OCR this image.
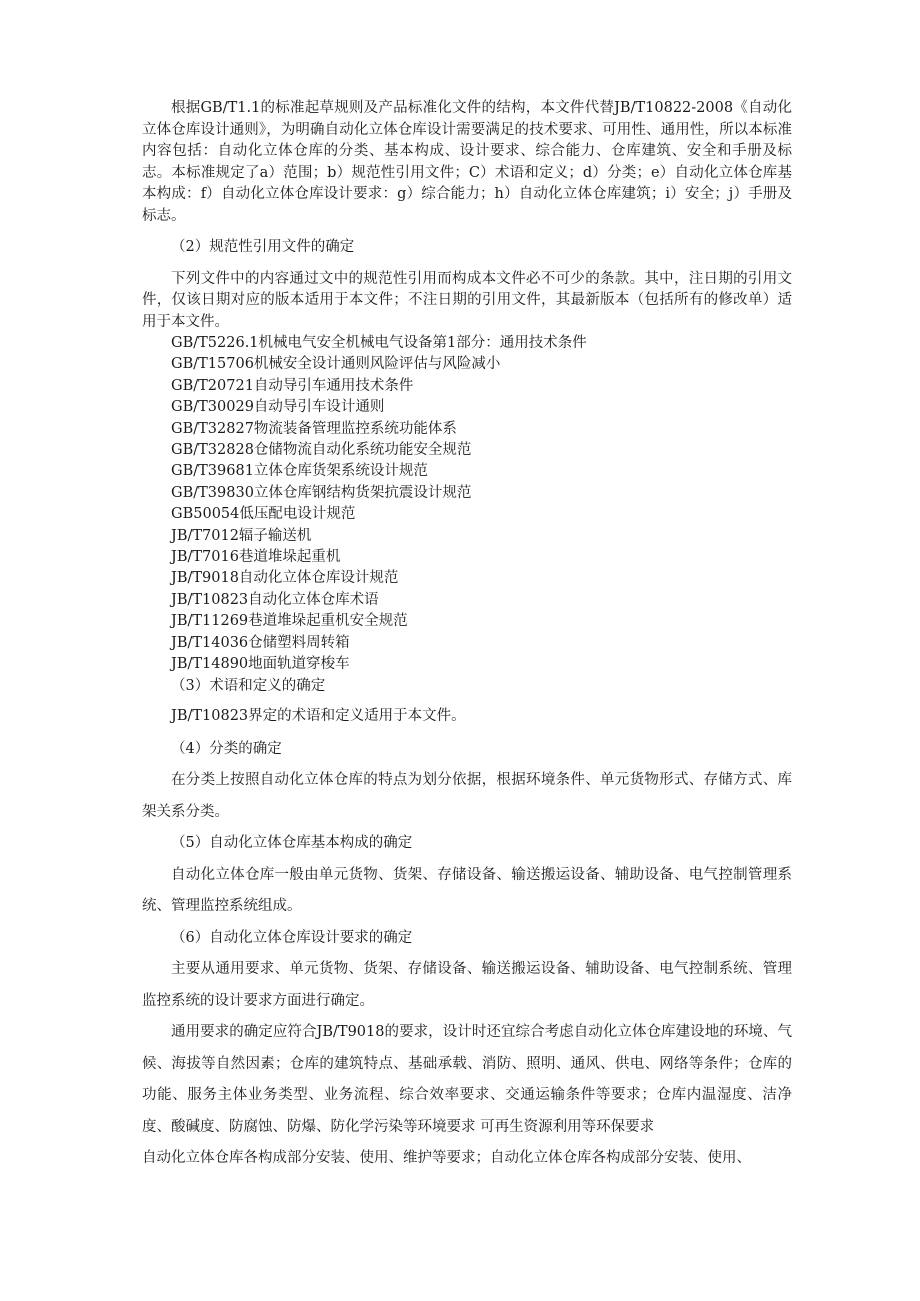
根据GB/T1.1的标准起草规则及产品标准化文件的结构，本文件代替JB/T10822-2008《自动化立体仓库设计通则》，为明确自动化立体仓库设计需要满足的技术要求、可用性、通用性，所以本标准内容包括：自动化立体仓库的分类、基本构成、设计要求、综合能力、仓库建筑、安全和手册及标志。本标准规定了a）范围；b）规范性引用文件；C）术语和定义；d）分类；e）自动化立体仓库基本构成：f）自动化立体仓库设计要求：g）综合能力；h）自动化立体仓库建筑；i）安全；j）手册及标志。

（2）规范性引用文件的确定

下列文件中的内容通过文中的规范性引用而构成本文件必不可少的条款。其中，注日期的引用文件，仅该日期对应的版本适用于本文件；不注日期的引用文件，其最新版本（包括所有的修改单）适用于本文件。

GB/T5226.1机械电气安全机械电气设备第1部分：通用技术条件
GB/T15706机械安全设计通则风险评估与风险减小
GB/T20721自动导引车通用技术条件
GB/T30029自动导引车设计通则
GB/T32827物流装备管理监控系统功能体系
GB/T32828仓储物流自动化系统功能安全规范
GB/T39681立体仓库货架系统设计规范
GB/T39830立体仓库钢结构货架抗震设计规范
GB50054低压配电设计规范
JB/T7012辐子输送机
JB/T7016巷道堆垛起重机
JB/T9018自动化立体仓库设计规范
JB/T10823自动化立体仓库术语
JB/T11269巷道堆垛起重机安全规范
JB/T14036仓储塑料周转箱
JB/T14890地面轨道穿梭车

（3）术语和定义的确定

JB/T10823界定的术语和定义适用于本文件。

（4）分类的确定

在分类上按照自动化立体仓库的特点为划分依据，根据环境条件、单元货物形式、存储方式、库架关系分类。

（5）自动化立体仓库基本构成的确定

自动化立体仓库一般由单元货物、货架、存储设备、输送搬运设备、辅助设备、电气控制管理系统、管理监控系统组成。

（6）自动化立体仓库设计要求的确定

主要从通用要求、单元货物、货架、存储设备、输送搬运设备、辅助设备、电气控制系统、管理监控系统的设计要求方面进行确定。

通用要求的确定应符合JB/T9018的要求，设计时还宜综合考虑自动化立体仓库建设地的环境、气候、海拔等自然因素；仓库的建筑特点、基础承载、消防、照明、通风、供电、网络等条件；仓库的功能、服务主体业务类型、业务流程、综合效率要求、交通运输条件等要求；仓库内温湿度、洁净度、酸碱度、防腐蚀、防爆、防化学污染等环境要求 可再生资源利用等环保要求

自动化立体仓库各构成部分安装、使用、维护等要求；自动化立体仓库各构成部分安装、使用、
